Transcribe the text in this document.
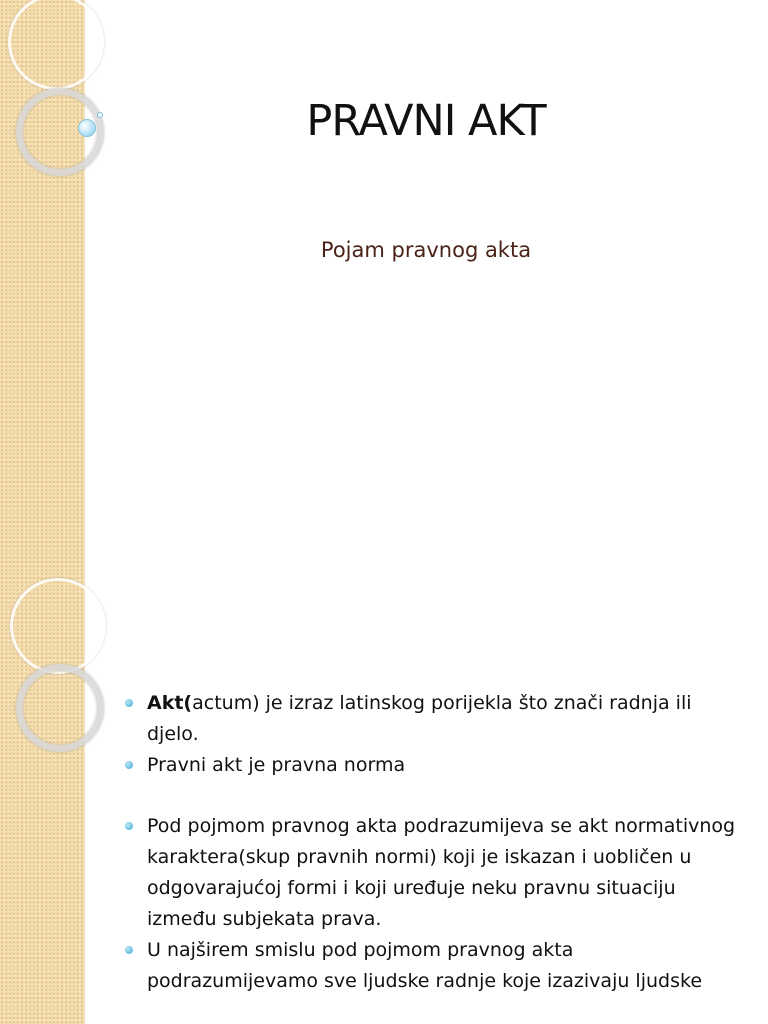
PRAVNI AKT
Pojam pravnog akta
Akt(actum) je izraz latinskog porijekla što znači radnja ili djelo.
Pravni akt je pravna norma
Pod pojmom pravnog akta podrazumijeva se akt normativnog karaktera(skup pravnih normi) koji je iskazan i uobličen u odgovarajućoj formi i koji uređuje neku pravnu situaciju između subjekata prava.
U najširem smislu pod pojmom pravnog akta podrazumijevamo sve ljudske radnje koje izazivaju ljudske
